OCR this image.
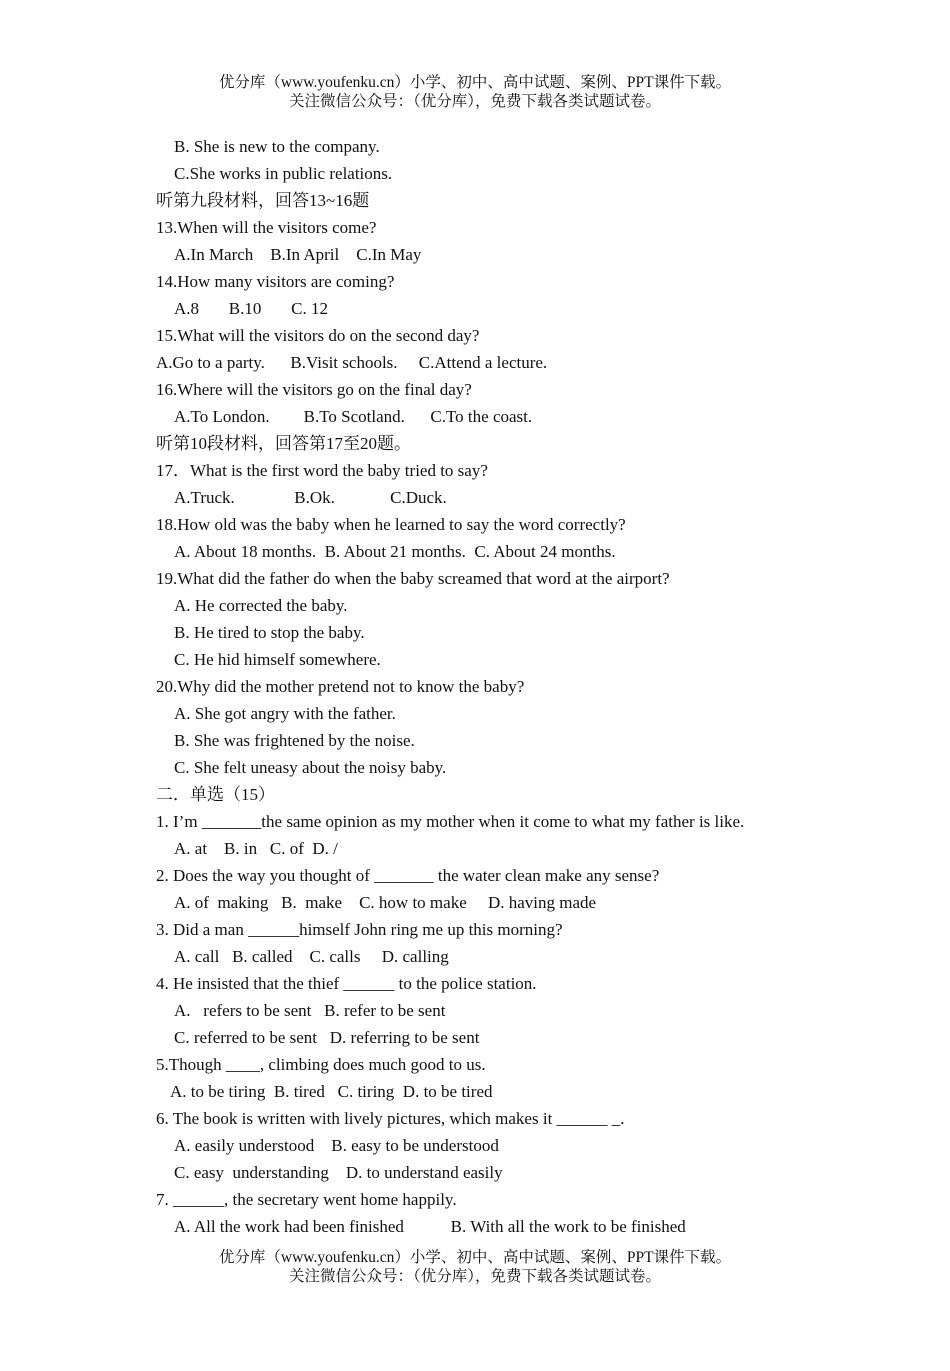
优分库（www.youfenku.cn）小学、初中、高中试题、案例、PPT课件下载。
关注微信公众号：（优分库），免费下载各类试题试卷。
B. She is new to the company.
C.She works in public relations.
听第九段材料，回答13~16题
13.When will the visitors come?
A.In March    B.In April    C.In May
14.How many visitors are coming?
A.8       B.10       C. 12
15.What will the visitors do on the second day?
A.Go to a party.      B.Visit schools.     C.Attend a lecture.
16.Where will the visitors go on the final day?
A.To London.        B.To Scotland.      C.To the coast.
听第10段材料，回答第17至20题。
17．What is the first word the baby tried to say?
A.Truck.              B.Ok.             C.Duck.
18.How old was the baby when he learned to say the word correctly?
A. About 18 months.  B. About 21 months.  C. About 24 months.
19.What did the father do when the baby screamed that word at the airport?
A. He corrected the baby.
B. He tired to stop the baby.
C. He hid himself somewhere.
20.Why did the mother pretend not to know the baby?
A. She got angry with the father.
B. She was frightened by the noise.
C. She felt uneasy about the noisy baby.
二．单选（15）
1. I’m _______the same opinion as my mother when it come to what my father is like.
A. at    B. in   C. of  D. /
2. Does the way you thought of _______ the water clean make any sense?
A. of  making   B.  make    C. how to make     D. having made
3. Did a man ______himself John ring me up this morning?
A. call   B. called    C. calls     D. calling
4. He insisted that the thief ______ to the police station.
A.   refers to be sent   B. refer to be sent
C. referred to be sent   D. referring to be sent
5.Though ____, climbing does much good to us.
A. to be tiring  B. tired   C. tiring  D. to be tired
6. The book is written with lively pictures, which makes it ______ _.
A. easily understood    B. easy to be understood
C. easy  understanding    D. to understand easily
7. ______, the secretary went home happily.
A. All the work had been finished           B. With all the work to be finished
优分库（www.youfenku.cn）小学、初中、高中试题、案例、PPT课件下载。
关注微信公众号：（优分库），免费下载各类试题试卷。
